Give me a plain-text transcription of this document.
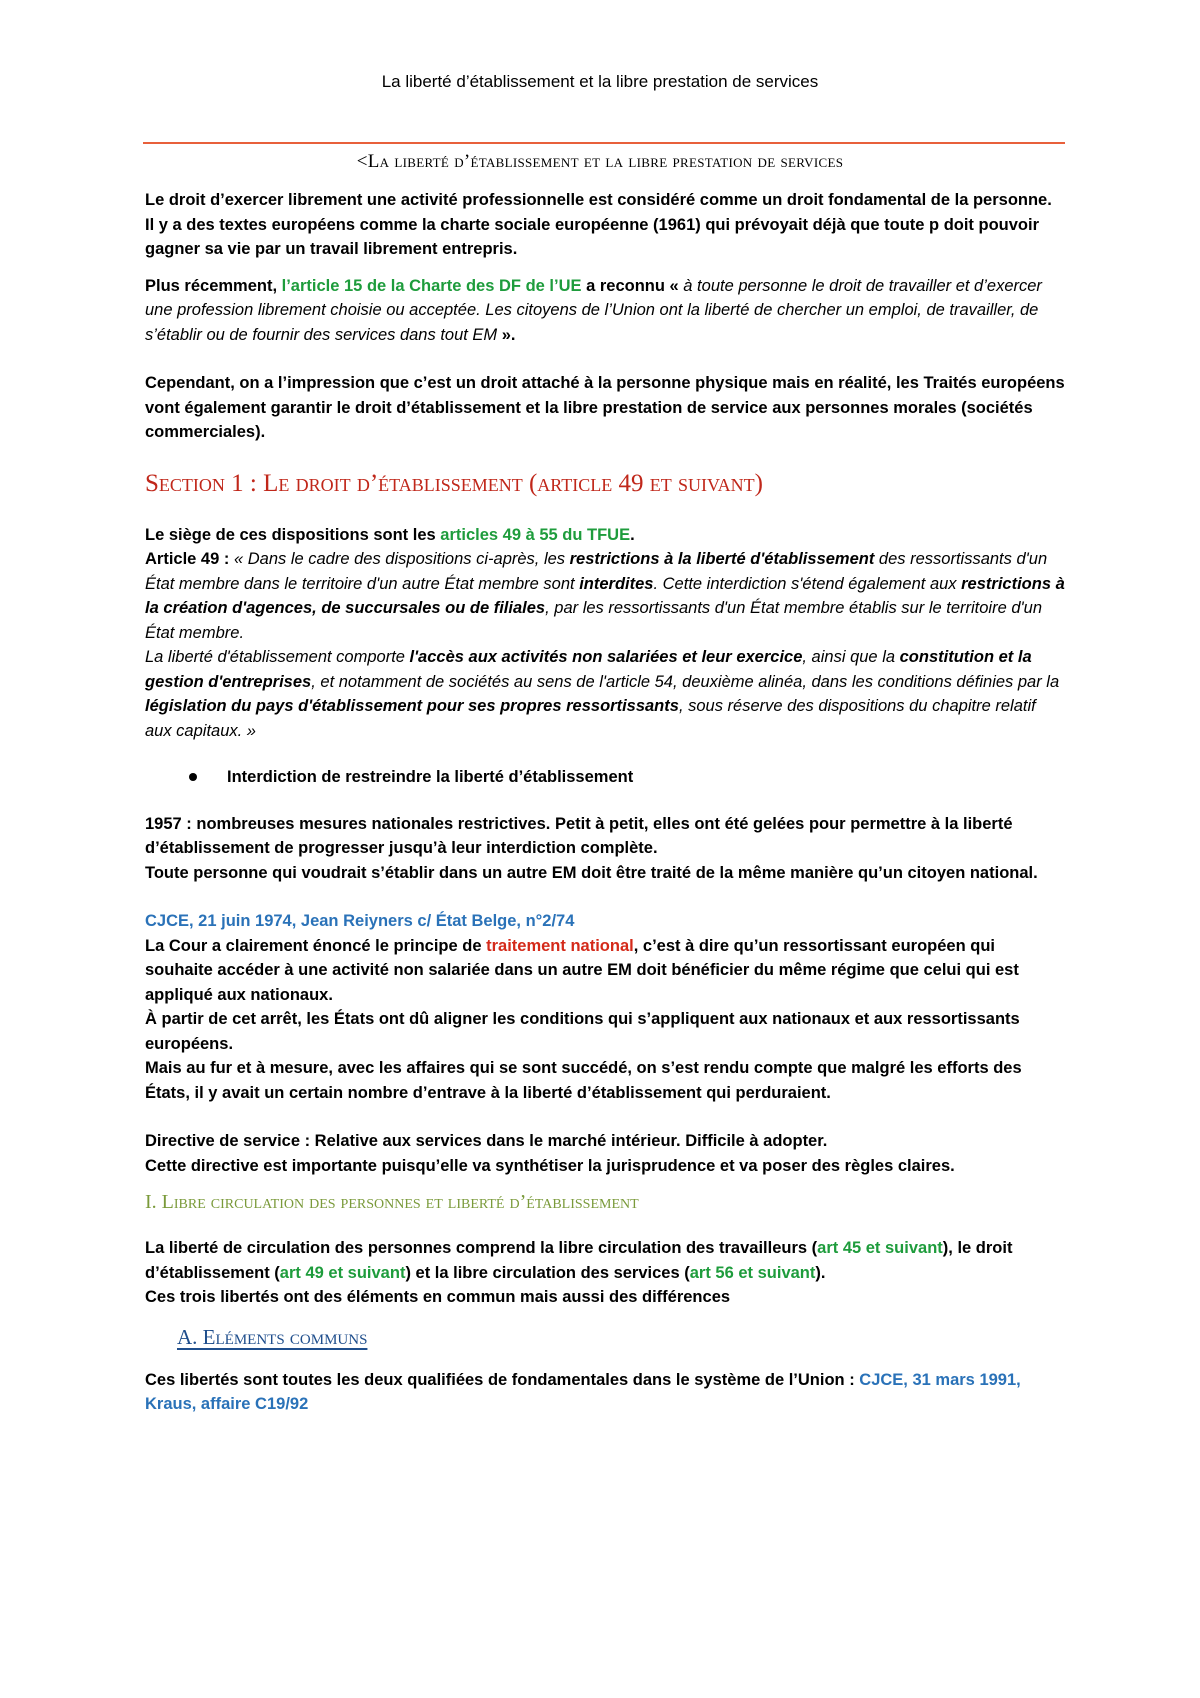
La liberté d’établissement et la libre prestation de services
<La liberté d’établissement et la libre prestation de services

Le droit d’exercer librement une activité professionnelle est considéré comme un droit fondamental de la personne. Il y a des textes européens comme la charte sociale européenne (1961) qui prévoyait déjà que toute p doit pouvoir gagner sa vie par un travail librement entrepris.

Plus récemment, l’article 15 de la Charte des DF de l’UE a reconnu « à toute personne le droit de travailler et d’exercer une profession librement choisie ou acceptée. Les citoyens de l’Union ont la liberté de chercher un emploi, de travailler, de s’établir ou de fournir des services dans tout EM ».

Cependant, on a l’impression que c’est un droit attaché à la personne physique mais en réalité, les Traités européens vont également garantir le droit d’établissement et la libre prestation de service aux personnes morales (sociétés commerciales).

Section 1 : Le droit d’établissement (article 49 et suivant)

Le siège de ces dispositions sont les articles 49 à 55 du TFUE.

Article 49 : « Dans le cadre des dispositions ci-après, les restrictions à la liberté d'établissement des ressortissants d'un État membre dans le territoire d'un autre État membre sont interdites. Cette interdiction s'étend également aux restrictions à la création d'agences, de succursales ou de filiales, par les ressortissants d'un État membre établis sur le territoire d'un État membre.

La liberté d'établissement comporte l'accès aux activités non salariées et leur exercice, ainsi que la constitution et la gestion d'entreprises, et notamment de sociétés au sens de l'article 54, deuxième alinéa, dans les conditions définies par la législation du pays d'établissement pour ses propres ressortissants, sous réserve des dispositions du chapitre relatif aux capitaux. »

Interdiction de restreindre la liberté d’établissement

1957 : nombreuses mesures nationales restrictives. Petit à petit, elles ont été gelées pour permettre à la liberté d’établissement de progresser jusqu’à leur interdiction complète.

Toute personne qui voudrait s’établir dans un autre EM doit être traité de la même manière qu’un citoyen national.

CJCE, 21 juin 1974, Jean Reiyners c/ État Belge, n°2/74

La Cour a clairement énoncé le principe de traitement national, c’est à dire qu’un ressortissant européen qui souhaite accéder à une activité non salariée dans un autre EM doit bénéficier du même régime que celui qui est appliqué aux nationaux.

À partir de cet arrêt, les États ont dû aligner les conditions qui s’appliquent aux nationaux et aux ressortissants européens.

Mais au fur et à mesure, avec les affaires qui se sont succédé, on s’est rendu compte que malgré les efforts des États, il y avait un certain nombre d’entrave à la liberté d’établissement qui perduraient.

Directive de service : Relative aux services dans le marché intérieur. Difficile à adopter.

Cette directive est importante puisqu’elle va synthétiser la jurisprudence et va poser des règles claires.

I. Libre circulation des personnes et liberté d’établissement

La liberté de circulation des personnes comprend la libre circulation des travailleurs (art 45 et suivant), le droit d’établissement (art 49 et suivant) et la libre circulation des services (art 56 et suivant).

Ces trois libertés ont des éléments en commun mais aussi des différences

A. Eléments communs

Ces libertés sont toutes les deux qualifiées de fondamentales dans le système de l’Union : CJCE, 31 mars 1991, Kraus, affaire C19/92
